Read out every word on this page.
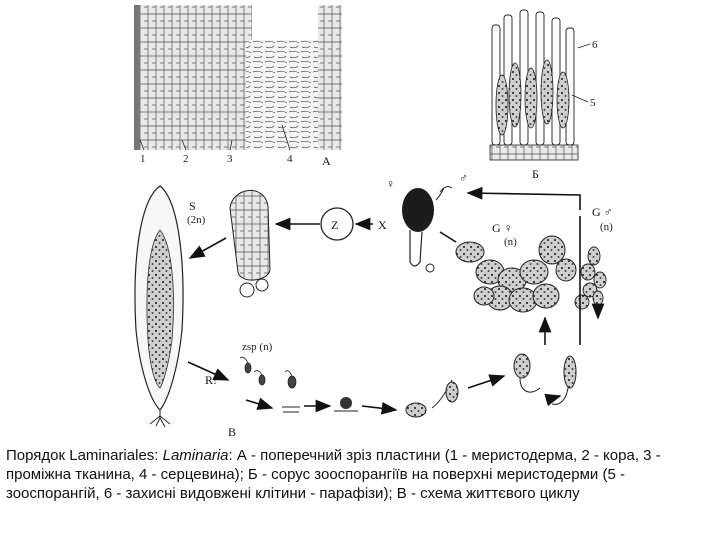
1	2	3	4 А
6
5
Б
S
(2n)	Z	X
♀	♂
G ♀
(n)
G ♂
(n)
zsp (n)
R!
В
Порядок Laminariales: Laminaria: А - поперечний зріз пластини (1 - меристодерма, 2 - кора, 3 - проміжна тканина, 4 - серцевина); Б - сорус зооспорангіїв на поверхні меристодерми (5 - зооспорангій, 6 - захисні видовжені клітини - парафізи); В - схема життєвого циклу
